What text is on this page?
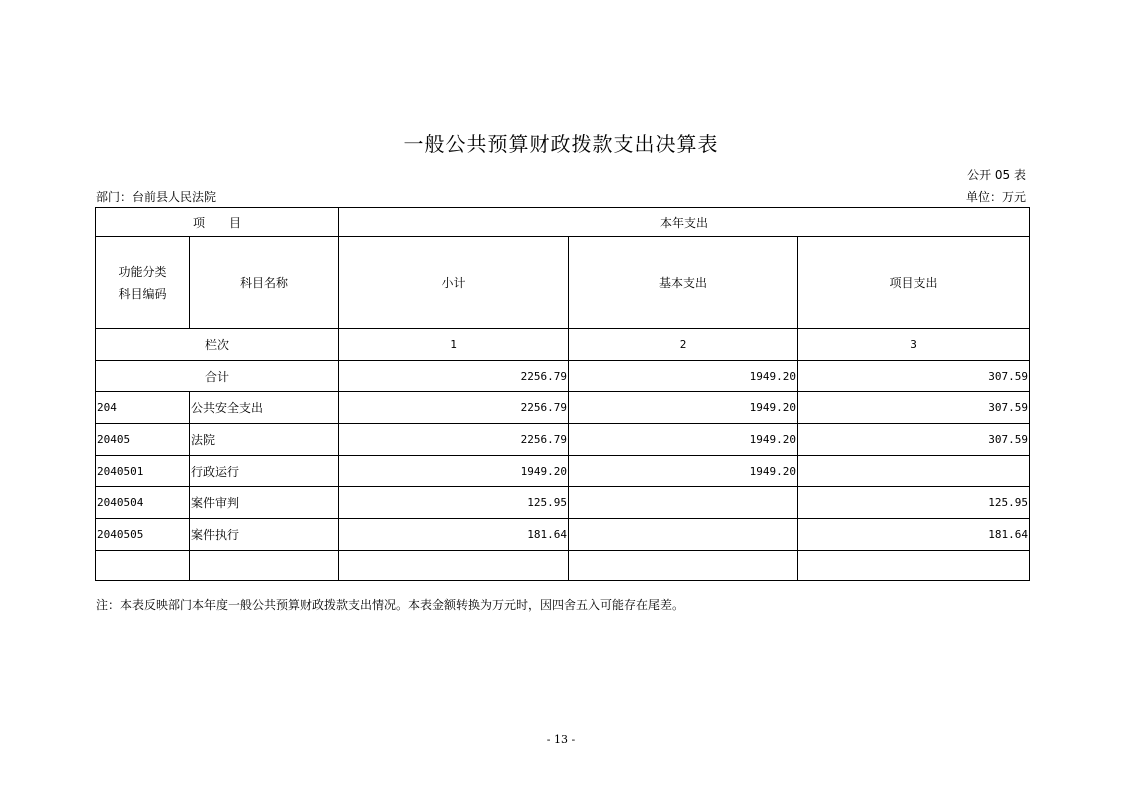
一般公共预算财政拨款支出决算表
公开 05 表
部门：台前县人民法院	单位：万元
项　　目		本年支出		

功能分类
科目编码	科目名称	小计	基本支出	项目支出
栏次		1	2	3
合计		2256.79	1949.20	307.59
204	公共安全支出	2256.79	1949.20	307.59
20405	法院	2256.79	1949.20	307.59
2040501	行政运行	1949.20	1949.20	
2040504	案件审判	125.95		125.95
2040505	案件执行	181.64		181.64

注：本表反映部门本年度一般公共预算财政拨款支出情况。本表金额转换为万元时，因四舍五入可能存在尾差。
- 13 -
